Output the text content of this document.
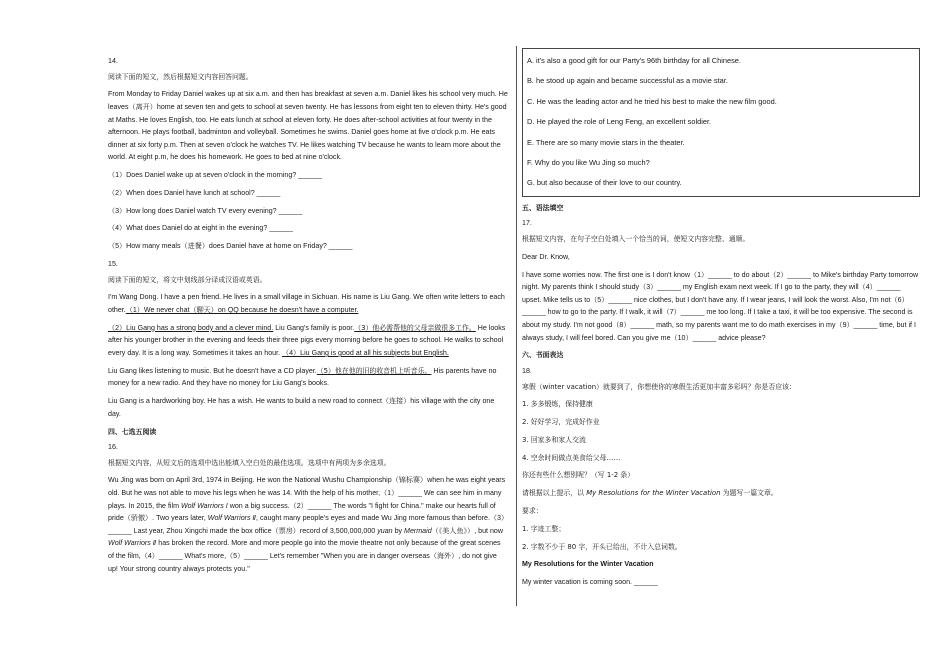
14.

阅读下面的短文，然后根据短文内容回答问题。

From Monday to Friday Daniel wakes up at six a.m. and then has breakfast at seven a.m. Daniel likes his school very much. He leaves（离开）home at seven ten and gets to school at seven twenty. He has lessons from eight ten to eleven thirty. He's good at Maths. He loves English, too. He eats lunch at school at eleven forty. He does after-school activities at four twenty in the afternoon. He plays football, badminton and volleyball. Sometimes he swims. Daniel goes home at five o'clock p.m. He eats dinner at six forty p.m. Then at seven o'clock he watches TV. He likes watching TV because he wants to learn more about the world. At eight p.m, he does his homework. He goes to bed at nine o'clock.

（1）Does Daniel wake up at seven o'clock in the morning? ______

（2）When does Daniel have lunch at school? ______

（3）How long does Daniel watch TV every evening? ______

（4）What does Daniel do at eight in the evening? ______

（5）How many meals（进餐）does Daniel have at home on Friday? ______

15.

阅读下面的短文，将文中划线部分译成汉语或英语。

I'm Wang Dong. I have a pen friend. He lives in a small village in Sichuan. His name is Liu Gang. We often write letters to each other.（1）We never chat（聊天）on QQ because he doesn't have a computer.

（2）Liu Gang has a strong body and a clever mind. Liu Gang's family is poor.（3）他必需帮他的父母亲做很多工作。 He looks after his younger brother in the evening and feeds their three pigs every morning before he goes to school. He walks to school every day. It is a long way. Sometimes it takes an hour. （4）Liu Gang is good at all his subjects but English.

Liu Gang likes listening to music. But he doesn't have a CD player.（5）他在他的旧的收音机上听音乐。 His parents have no money for a new radio. And they have no money for Liu Gang's books.

Liu Gang is a hardworking boy. He has a wish. He wants to build a new road to connect（连接）his village with the city one day.

四、七选五阅读

16.

根据短文内容，从短文后的选项中选出能填入空白处的最佳选项。选项中有两项为多余选项。

Wu Jing was born on April 3rd, 1974 in Beijing. He won the National Wushu Championship（锦标赛）when he was eight years old. But he was not able to move his legs when he was 14. With the help of his mother,（1）______ We can see him in many plays. In 2015, the film Wolf Warriors I won a big success.（2）______ The words "I fight for China." make our hearts full of pride（骄傲）. Two years later, Wolf Warriors Ⅱ, caught many people's eyes and made Wu Jing more famous than before.（3）______ Last year, Zhou Xingchi made the box office（票房）record of 3,500,000,000 yuan by Mermaid（《美人鱼》）, but now Wolf Warriors Ⅱ has broken the record. More and more people go into the movie theatre not only because of the great scenes of the film,（4）______ What's more,（5）______ Let's remember "When you are in danger overseas（海外）, do not give up! Your strong country always protects you."

A. it's also a good gift for our Party's 96th birthday for all Chinese.

B. he stood up again and became successful as a movie star.

C. He was the leading actor and he tried his best to make the new film good.

D. He played the role of Leng Feng, an excellent soldier.

E. There are so many movie stars in the theater.

F. Why do you like Wu Jing so much?

G. but also because of their love to our country.

五、语法填空

17.

根据短文内容，在句子空白处填入一个恰当的词，使短文内容完整、通顺。

Dear Dr. Know,

I have some worries now. The first one is I don't know（1）______ to do about（2）______ to Mike's birthday Party tomorrow night. My parents think I should study（3）______ my English exam next week. If I go to the party, they will（4）______ upset. Mike tells us to（5）______ nice clothes, but I don't have any. If I wear jeans, I will look the worst. Also, I'm not（6）______ how to go to the party. If I walk, it will（7）______ me too long. If I take a taxi, it will be too expensive. The second is about my study. I'm not good（8）______ math, so my parents want me to do math exercises in my（9）______ time, but if I always study, I will feel bored. Can you give me（10）______ advice please?

六、书面表达

18.

寒假（winter vacation）就要到了，你想使你的寒假生活更加丰富多彩吗？你是否应该：

1. 多多锻炼，保持健康

2. 好好学习，完成好作业

3. 回家多和家人交流

4. 空余时间做点美食给父母……

你还有些什么想别呢？（写 1-2 条）

请根据以上提示，以 My Resolutions for the Winter Vacation 为题写一篇文章。

要求：

1. 字迹工整；

2. 字数不少于 80 字，开头已给出，不计入总词数。

My Resolutions for the Winter Vacation

My winter vacation is coming soon. ______
